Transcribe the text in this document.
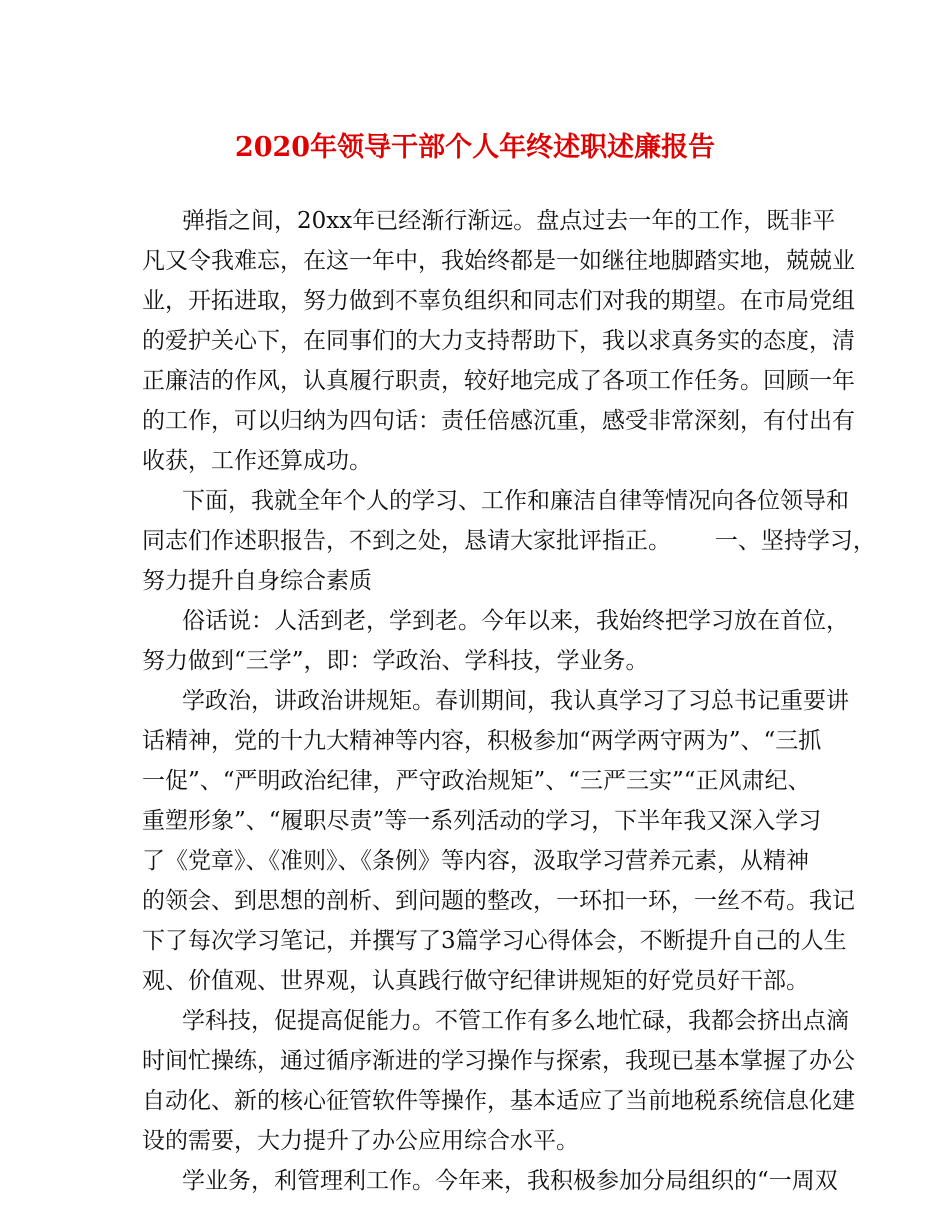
2020年领导干部个人年终述职述廉报告
弹指之间，20xx年已经渐行渐远。盘点过去一年的工作，既非平
凡又令我难忘，在这一年中，我始终都是一如继往地脚踏实地，兢兢业
业，开拓进取，努力做到不辜负组织和同志们对我的期望。在市局党组
的爱护关心下，在同事们的大力支持帮助下，我以求真务实的态度，清
正廉洁的作风，认真履行职责，较好地完成了各项工作任务。回顾一年
的工作，可以归纳为四句话：责任倍感沉重，感受非常深刻，有付出有
收获，工作还算成功。
下面，我就全年个人的学习、工作和廉洁自律等情况向各位领导和
同志们作述职报告，不到之处，恳请大家批评指正。      一、坚持学习，
努力提升自身综合素质
俗话说：人活到老，学到老。今年以来，我始终把学习放在首位，
努力做到“三学”，即：学政治、学科技，学业务。
学政治，讲政治讲规矩。春训期间，我认真学习了习总书记重要讲
话精神，党的十九大精神等内容，积极参加“两学两守两为”、“三抓
一促”、“严明政治纪律，严守政治规矩”、“三严三实”“正风肃纪、
重塑形象”、“履职尽责”等一系列活动的学习，下半年我又深入学习
了《党章》、《准则》、《条例》等内容，汲取学习营养元素，从精神
的领会、到思想的剖析、到问题的整改，一环扣一环，一丝不苟。我记
下了每次学习笔记，并撰写了3篇学习心得体会，不断提升自己的人生
观、价值观、世界观，认真践行做守纪律讲规矩的好党员好干部。
学科技，促提高促能力。不管工作有多么地忙碌，我都会挤出点滴
时间忙操练，通过循序渐进的学习操作与探索，我现已基本掌握了办公
自动化、新的核心征管软件等操作，基本适应了当前地税系统信息化建
设的需要，大力提升了办公应用综合水平。
学业务，利管理利工作。今年来，我积极参加分局组织的“一周双
